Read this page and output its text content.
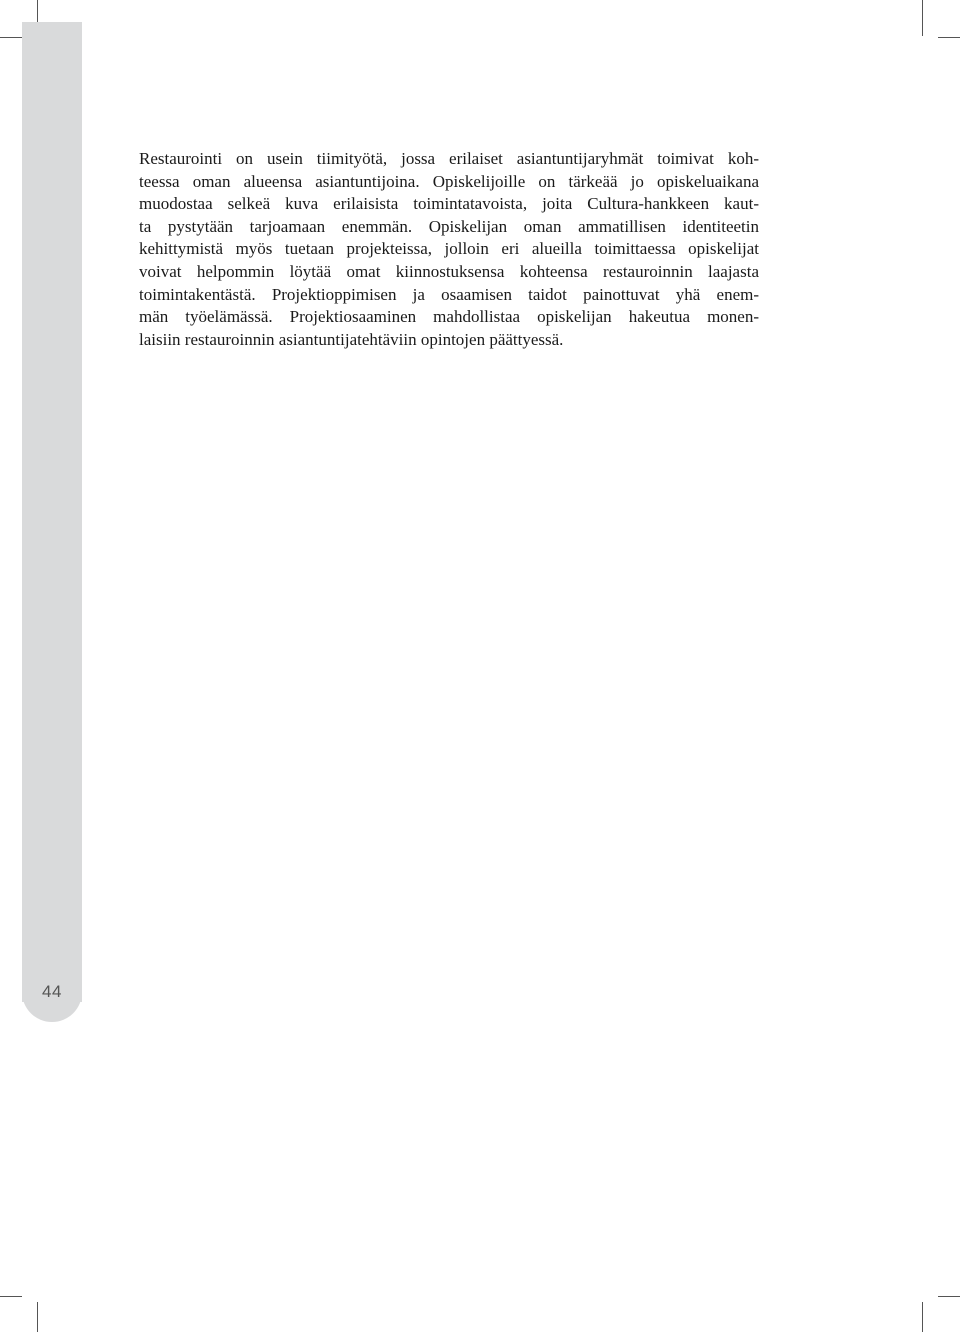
44
Restaurointi on usein tiimityötä, jossa erilaiset asiantuntijaryhmät toimivat koh-
teessa oman alueensa asiantuntijoina. Opiskelijoille on tärkeää jo opiskeluaikana
muodostaa selkeä kuva erilaisista toimintatavoista, joita Cultura-hankkeen kaut-
ta pystytään tarjoamaan enemmän. Opiskelijan oman ammatillisen identiteetin
kehittymistä myös tuetaan projekteissa, jolloin eri alueilla toimittaessa opiskelijat
voivat helpommin löytää omat kiinnostuksensa kohteensa restauroinnin laajasta
toimintakentästä. Projektioppimisen ja osaamisen taidot painottuvat yhä enem-
män työelämässä. Projektiosaaminen mahdollistaa opiskelijan hakeutua monen-
laisiin restauroinnin asiantuntijatehtäviin opintojen päättyessä.
